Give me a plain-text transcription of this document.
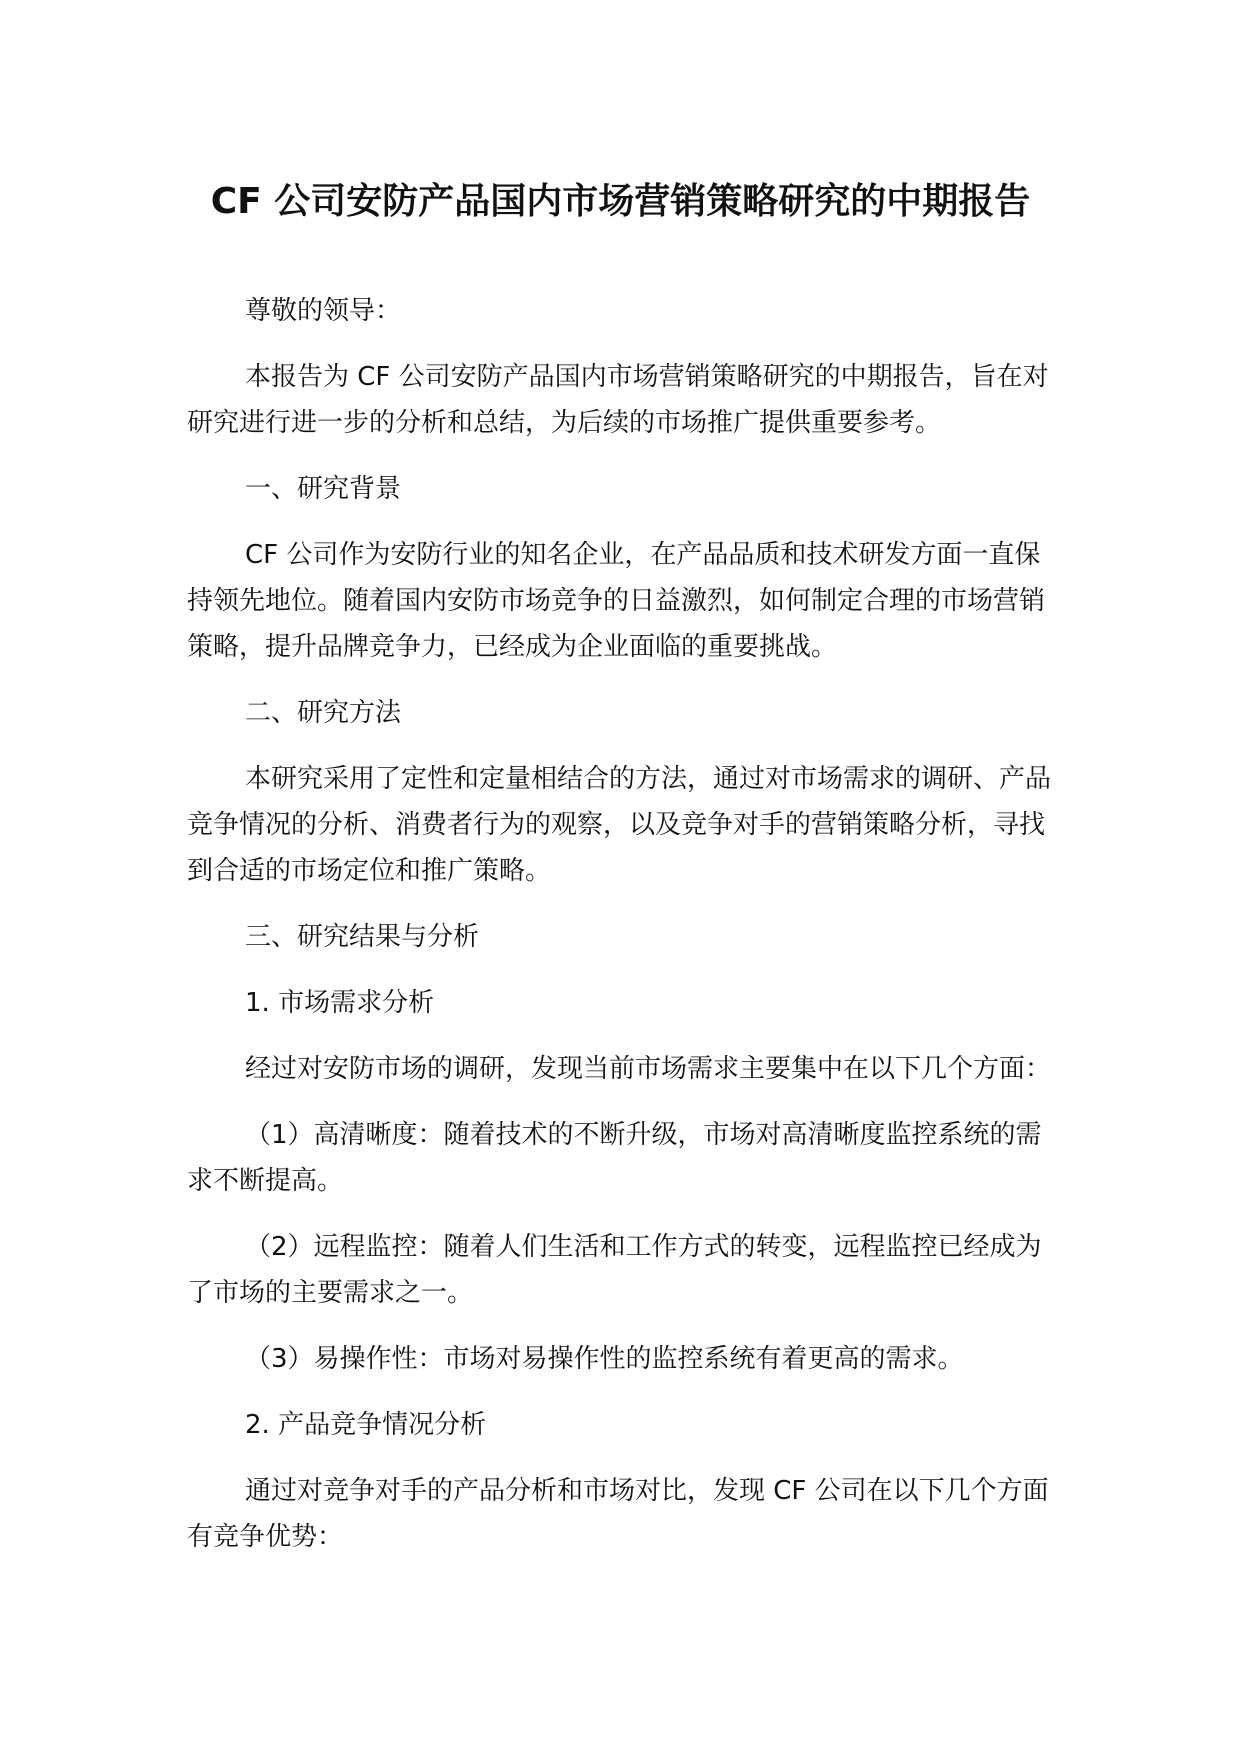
CF 公司安防产品国内市场营销策略研究的中期报告

尊敬的领导：

本报告为 CF 公司安防产品国内市场营销策略研究的中期报告，旨在对研究进行进一步的分析和总结，为后续的市场推广提供重要参考。

一、研究背景

CF 公司作为安防行业的知名企业，在产品品质和技术研发方面一直保持领先地位。随着国内安防市场竞争的日益激烈，如何制定合理的市场营销策略，提升品牌竞争力，已经成为企业面临的重要挑战。

二、研究方法

本研究采用了定性和定量相结合的方法，通过对市场需求的调研、产品竞争情况的分析、消费者行为的观察，以及竞争对手的营销策略分析，寻找到合适的市场定位和推广策略。

三、研究结果与分析

1. 市场需求分析

经过对安防市场的调研，发现当前市场需求主要集中在以下几个方面：

（1）高清晰度：随着技术的不断升级，市场对高清晰度监控系统的需求不断提高。

（2）远程监控：随着人们生活和工作方式的转变，远程监控已经成为了市场的主要需求之一。

（3）易操作性：市场对易操作性的监控系统有着更高的需求。

2. 产品竞争情况分析

通过对竞争对手的产品分析和市场对比，发现 CF 公司在以下几个方面有竞争优势：
